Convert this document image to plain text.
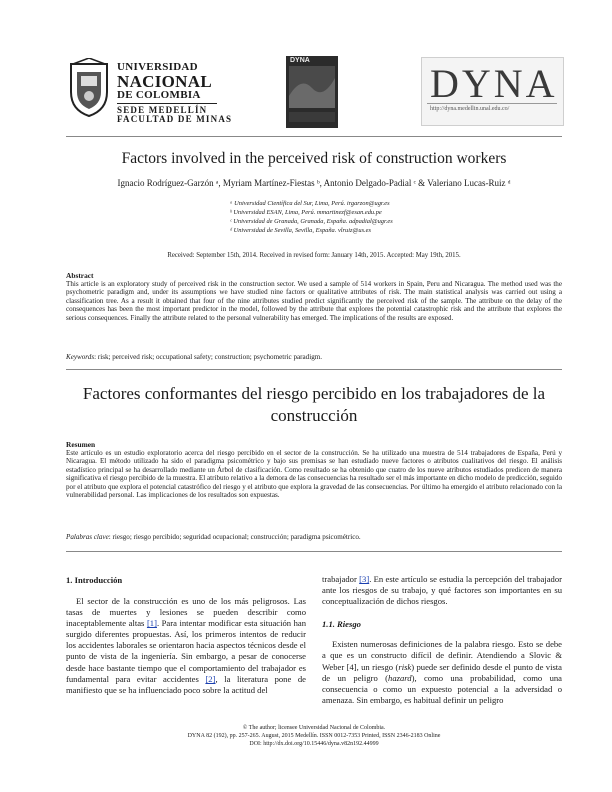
UNIVERSIDAD
NACIONAL
DE COLOMBIA
SEDE MEDELLÍN
FACULTAD DE MINAS
DYNA
DYNA
http://dyna.medellin.unal.edu.co/
Factors involved in the perceived risk of construction workers
Ignacio Rodríguez-Garzón ᵃ, Myriam Martínez-Fiestas ᵇ, Antonio Delgado-Padial ᶜ & Valeriano Lucas-Ruiz ᵈ
ᵃ Universidad Científica del Sur, Lima, Perú. irgarzon@ugr.es
ᵇ Universidad ESAN, Lima, Perú. mmartinezf@esan.edu.pe
ᶜ Universidad de Granada, Granada, España. adpadial@ugr.es
ᵈ Universidad de Sevilla, Sevilla, España. vlruiz@us.es
Received: September 15th, 2014. Received in revised form: January 14th, 2015. Accepted: May 19th, 2015.
Abstract
This article is an exploratory study of perceived risk in the construction sector. We used a sample of 514 workers in Spain, Peru and Nicaragua. The method used was the psychometric paradigm and, under its assumptions we have studied nine factors or qualitative attributes of risk. The main statistical analysis was carried out using a classification tree. As a result it obtained that four of the nine attributes studied predict significantly the perceived risk of the sample. The attribute on the delay of the consequences has been the most important predictor in the model, followed by the attribute that explores the potential catastrophic risk and the attribute that explores the serious consequences. Finally the attribute related to the personal vulnerability has emerged. The implications of the results are exposed.
Keywords: risk; perceived risk; occupational safety; construction; psychometric paradigm.
Factores conformantes del riesgo percibido en los trabajadores de la construcción
Resumen
Este artículo es un estudio exploratorio acerca del riesgo percibido en el sector de la construcción. Se ha utilizado una muestra de 514 trabajadores de España, Perú y Nicaragua. El método utilizado ha sido el paradigma psicométrico y bajo sus premisas se han estudiado nueve factores o atributos cualitativos del riesgo. El análisis estadístico principal se ha desarrollado mediante un Árbol de clasificación. Como resultado se ha obtenido que cuatro de los nueve atributos estudiados predicen de manera significativa el riesgo percibido de la muestra. El atributo relativo a la demora de las consecuencias ha resultado ser el más importante en dicho modelo de predicción, seguido por el atributo que explora el potencial catastrófico del riesgo y el atributo que explora la gravedad de las consecuencias. Por último ha emergido el atributo relacionado con la vulnerabilidad personal. Las implicaciones de los resultados son expuestas.
Palabras clave: riesgo; riesgo percibido; seguridad ocupacional; construcción; paradigma psicométrico.
1. Introducción

El sector de la construcción es uno de los más peligrosos. Las tasas de muertes y lesiones se pueden describir como inaceptablemente altas [1]. Para intentar modificar esta situación han surgido diferentes propuestas. Así, los primeros intentos de reducir los accidentes laborales se orientaron hacia aspectos técnicos desde el punto de vista de la ingeniería. Sin embargo, a pesar de conocerse desde hace bastante tiempo que el comportamiento del trabajador es fundamental para evitar accidentes [2], la literatura pone de manifiesto que se ha influenciado poco sobre la actitud del

trabajador [3]. En este artículo se estudia la percepción del trabajador ante los riesgos de su trabajo, y qué factores son importantes en su conceptualización de dichos riesgos.

1.1. Riesgo

Existen numerosas definiciones de la palabra riesgo. Esto se debe a que es un constructo difícil de definir. Atendiendo a Slovic & Weber [4], un riesgo (risk) puede ser definido desde el punto de vista de un peligro (hazard), como una probabilidad, como una consecuencia o como un expuesto potencial a la adversidad o amenaza. Sin embargo, es habitual definir un peligro

© The author; licensee Universidad Nacional de Colombia.
DYNA 82 (192), pp. 257-265. August, 2015 Medellín. ISSN 0012-7353 Printed, ISSN 2346-2183 Online
DOI: http://dx.doi.org/10.15446/dyna.v82n192.44999
